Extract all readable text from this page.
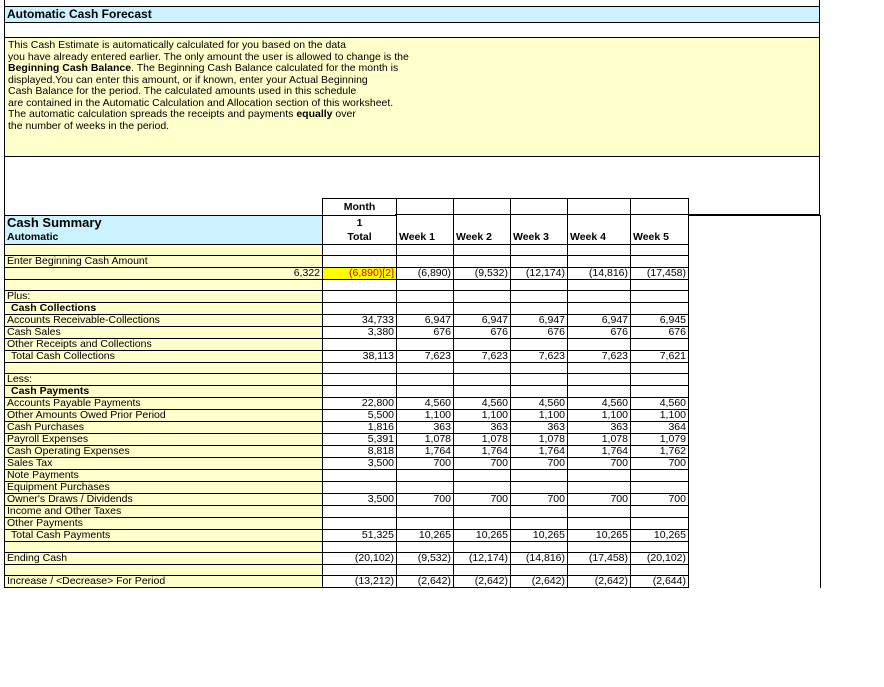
Automatic Cash Forecast
This Cash Estimate is automatically calculated for you based on the data
you have already entered earlier. The only amount the user is allowed to change is the
Beginning Cash Balance. The Beginning Cash Balance calculated for the month is
displayed.You can enter this amount, or if known, enter your Actual Beginning
Cash Balance for the period. The calculated amounts used in this schedule
are contained in the Automatic Calculation and Allocation section of this worksheet.
The automatic calculation spreads the receipts and payments equally over
the number of weeks in the period.
	Month						
Cash Summary	1						
Automatic	Total	Week 1	Week 2	Week 3	Week 4	Week 5	

Enter Beginning Cash Amount							
6,322	(6,890)[2]	(6,890)	(9,532)	(12,174)	(14,816)	(17,458)	

Plus:							
Cash Collections							
Accounts Receivable-Collections	34,733	6,947	6,947	6,947	6,947	6,945	
Cash Sales	3,380	676	676	676	676	676	
Other Receipts and Collections							
Total Cash Collections	38,113	7,623	7,623	7,623	7,623	7,621	

Less:							
Cash Payments							
Accounts Payable Payments	22,800	4,560	4,560	4,560	4,560	4,560	
Other Amounts Owed Prior Period	5,500	1,100	1,100	1,100	1,100	1,100	
Cash Purchases	1,816	363	363	363	363	364	
Payroll Expenses	5,391	1,078	1,078	1,078	1,078	1,079	
Cash Operating Expenses	8,818	1,764	1,764	1,764	1,764	1,762	
Sales Tax	3,500	700	700	700	700	700	
Note Payments							
Equipment Purchases							
Owner's Draws / Dividends	3,500	700	700	700	700	700	
Income and Other Taxes							
Other Payments							
Total Cash Payments	51,325	10,265	10,265	10,265	10,265	10,265	

Ending Cash	(20,102)	(9,532)	(12,174)	(14,816)	(17,458)	(20,102)	

Increase / <Decrease> For Period	(13,212)	(2,642)	(2,642)	(2,642)	(2,642)	(2,644)	
